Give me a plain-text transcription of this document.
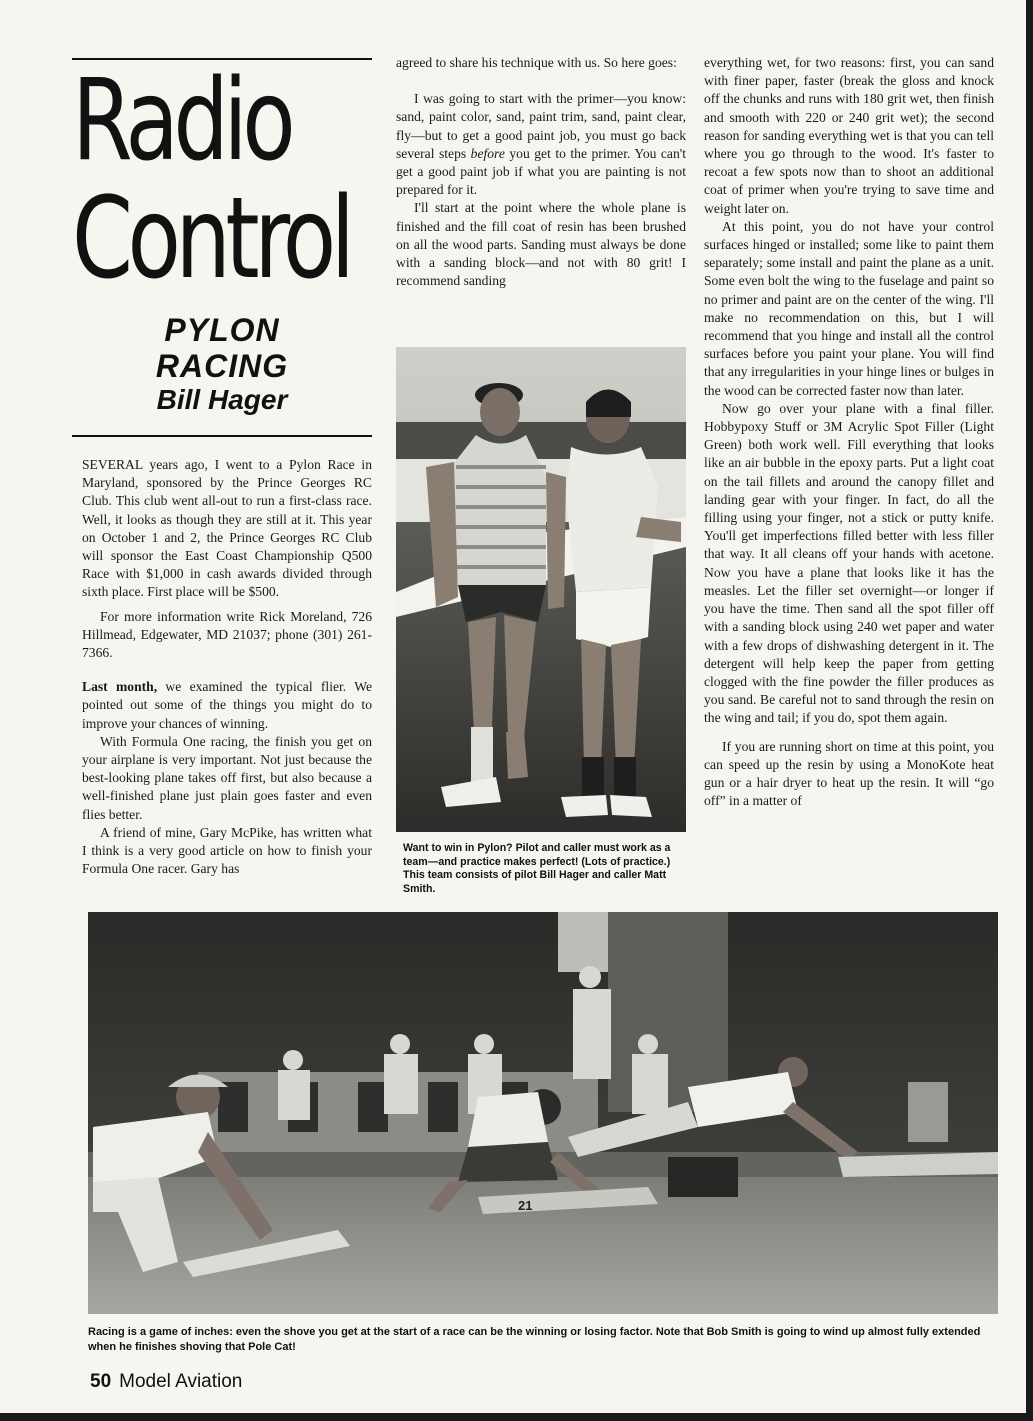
Radio
Control
PYLON RACING
Bill Hager

SEVERAL years ago, I went to a Pylon Race in Maryland, sponsored by the Prince Georges RC Club. This club went all-out to run a first-class race. Well, it looks as though they are still at it. This year on October 1 and 2, the Prince Georges RC Club will sponsor the East Coast Championship Q500 Race with $1,000 in cash awards divided through sixth place. First place will be $500.

For more information write Rick Moreland, 726 Hillmead, Edgewater, MD 21037; phone (301) 261-7366.

Last month, we examined the typical flier. We pointed out some of the things you might do to improve your chances of winning.

With Formula One racing, the finish you get on your airplane is very important. Not just because the best-looking plane takes off first, but also because a well-finished plane just plain goes faster and even flies better.

A friend of mine, Gary McPike, has written what I think is a very good article on how to finish your Formula One racer. Gary has

agreed to share his technique with us. So here goes:

I was going to start with the primer—you know: sand, paint color, sand, paint trim, sand, paint clear, fly—but to get a good paint job, you must go back several steps before you get to the primer. You can't get a good paint job if what you are painting is not prepared for it.

I'll start at the point where the whole plane is finished and the fill coat of resin has been brushed on all the wood parts. Sanding must always be done with a sanding block—and not with 80 grit! I recommend sanding

Want to win in Pylon? Pilot and caller must work as a team—and practice makes perfect! (Lots of practice.) This team consists of pilot Bill Hager and caller Matt Smith.

everything wet, for two reasons: first, you can sand with finer paper, faster (break the gloss and knock off the chunks and runs with 180 grit wet, then finish and smooth with 220 or 240 grit wet); the second reason for sanding everything wet is that you can tell where you go through to the wood. It's faster to recoat a few spots now than to shoot an additional coat of primer when you're trying to save time and weight later on.

At this point, you do not have your control surfaces hinged or installed; some like to paint them separately; some install and paint the plane as a unit. Some even bolt the wing to the fuselage and paint so no primer and paint are on the center of the wing. I'll make no recommendation on this, but I will recommend that you hinge and install all the control surfaces before you paint your plane. You will find that any irregularities in your hinge lines or bulges in the wood can be corrected faster now than later.

Now go over your plane with a final filler. Hobbypoxy Stuff or 3M Acrylic Spot Filler (Light Green) both work well. Fill everything that looks like an air bubble in the epoxy parts. Put a light coat on the tail fillets and around the canopy fillet and landing gear with your finger. In fact, do all the filling using your finger, not a stick or putty knife. You'll get imperfections filled better with less filler that way. It all cleans off your hands with acetone. Now you have a plane that looks like it has the measles. Let the filler set overnight—or longer if you have the time. Then sand all the spot filler off with a sanding block using 240 wet paper and water with a few drops of dishwashing detergent in it. The detergent will help keep the paper from getting clogged with the fine powder the filler produces as you sand. Be careful not to sand through the resin on the wing and tail; if you do, spot them again.

If you are running short on time at this point, you can speed up the resin by using a MonoKote heat gun or a hair dryer to heat up the resin. It will “go off” in a matter of

21
Racing is a game of inches: even the shove you get at the start of a race can be the winning or losing factor. Note that Bob Smith is going to wind up almost fully extended when he finishes shoving that Pole Cat!
50 Model Aviation
